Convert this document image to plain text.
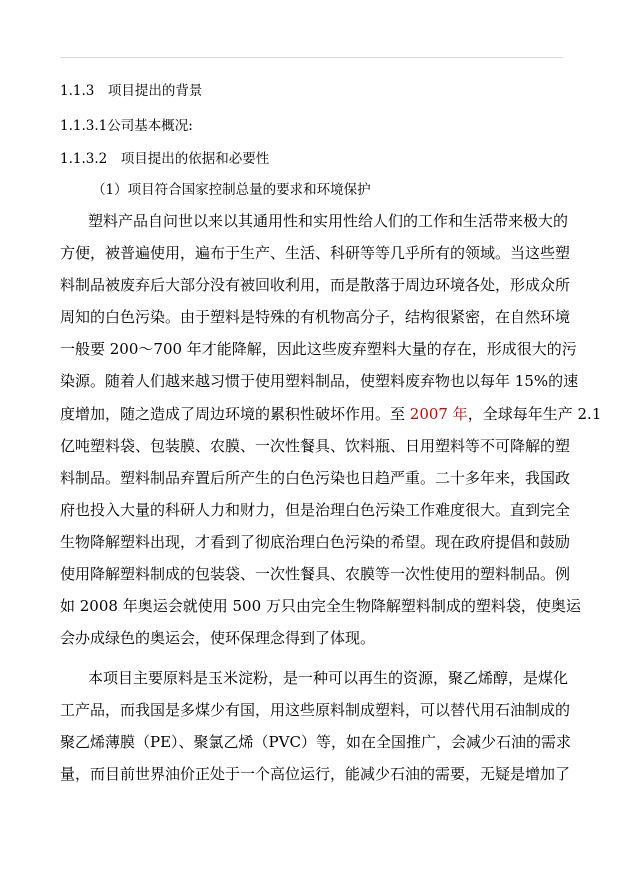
1.1.3　项目提出的背景
1.1.3.1公司基本概况:
1.1.3.2　项目提出的依据和必要性
（1）项目符合国家控制总量的要求和环境保护
塑料产品自问世以来以其通用性和实用性给人们的工作和生活带来极大的
方便，被普遍使用，遍布于生产、生活、科研等等几乎所有的领域。当这些塑
料制品被废弃后大部分没有被回收利用，而是散落于周边环境各处，形成众所
周知的白色污染。由于塑料是特殊的有机物高分子，结构很紧密，在自然环境
一般要 200～700 年才能降解，因此这些废弃塑料大量的存在，形成很大的污
染源。随着人们越来越习惯于使用塑料制品，使塑料废弃物也以每年 15%的速
度增加，随之造成了周边环境的累积性破坏作用。至 2007 年，全球每年生产 2.1
亿吨塑料袋、包装膜、农膜、一次性餐具、饮料瓶、日用塑料等不可降解的塑
料制品。塑料制品弃置后所产生的白色污染也日趋严重。二十多年来，我国政
府也投入大量的科研人力和财力，但是治理白色污染工作难度很大。直到完全
生物降解塑料出现，才看到了彻底治理白色污染的希望。现在政府提倡和鼓励
使用降解塑料制成的包装袋、一次性餐具、农膜等一次性使用的塑料制品。例
如 2008 年奥运会就使用 500 万只由完全生物降解塑料制成的塑料袋，使奥运
会办成绿色的奥运会，使环保理念得到了体现。
本项目主要原料是玉米淀粉，是一种可以再生的资源，聚乙烯醇，是煤化
工产品，而我国是多煤少有国，用这些原料制成塑料，可以替代用石油制成的
聚乙烯薄膜（PE）、聚氯乙烯（PVC）等，如在全国推广，会减少石油的需求
量，而目前世界油价正处于一个高位运行，能减少石油的需要，无疑是增加了
